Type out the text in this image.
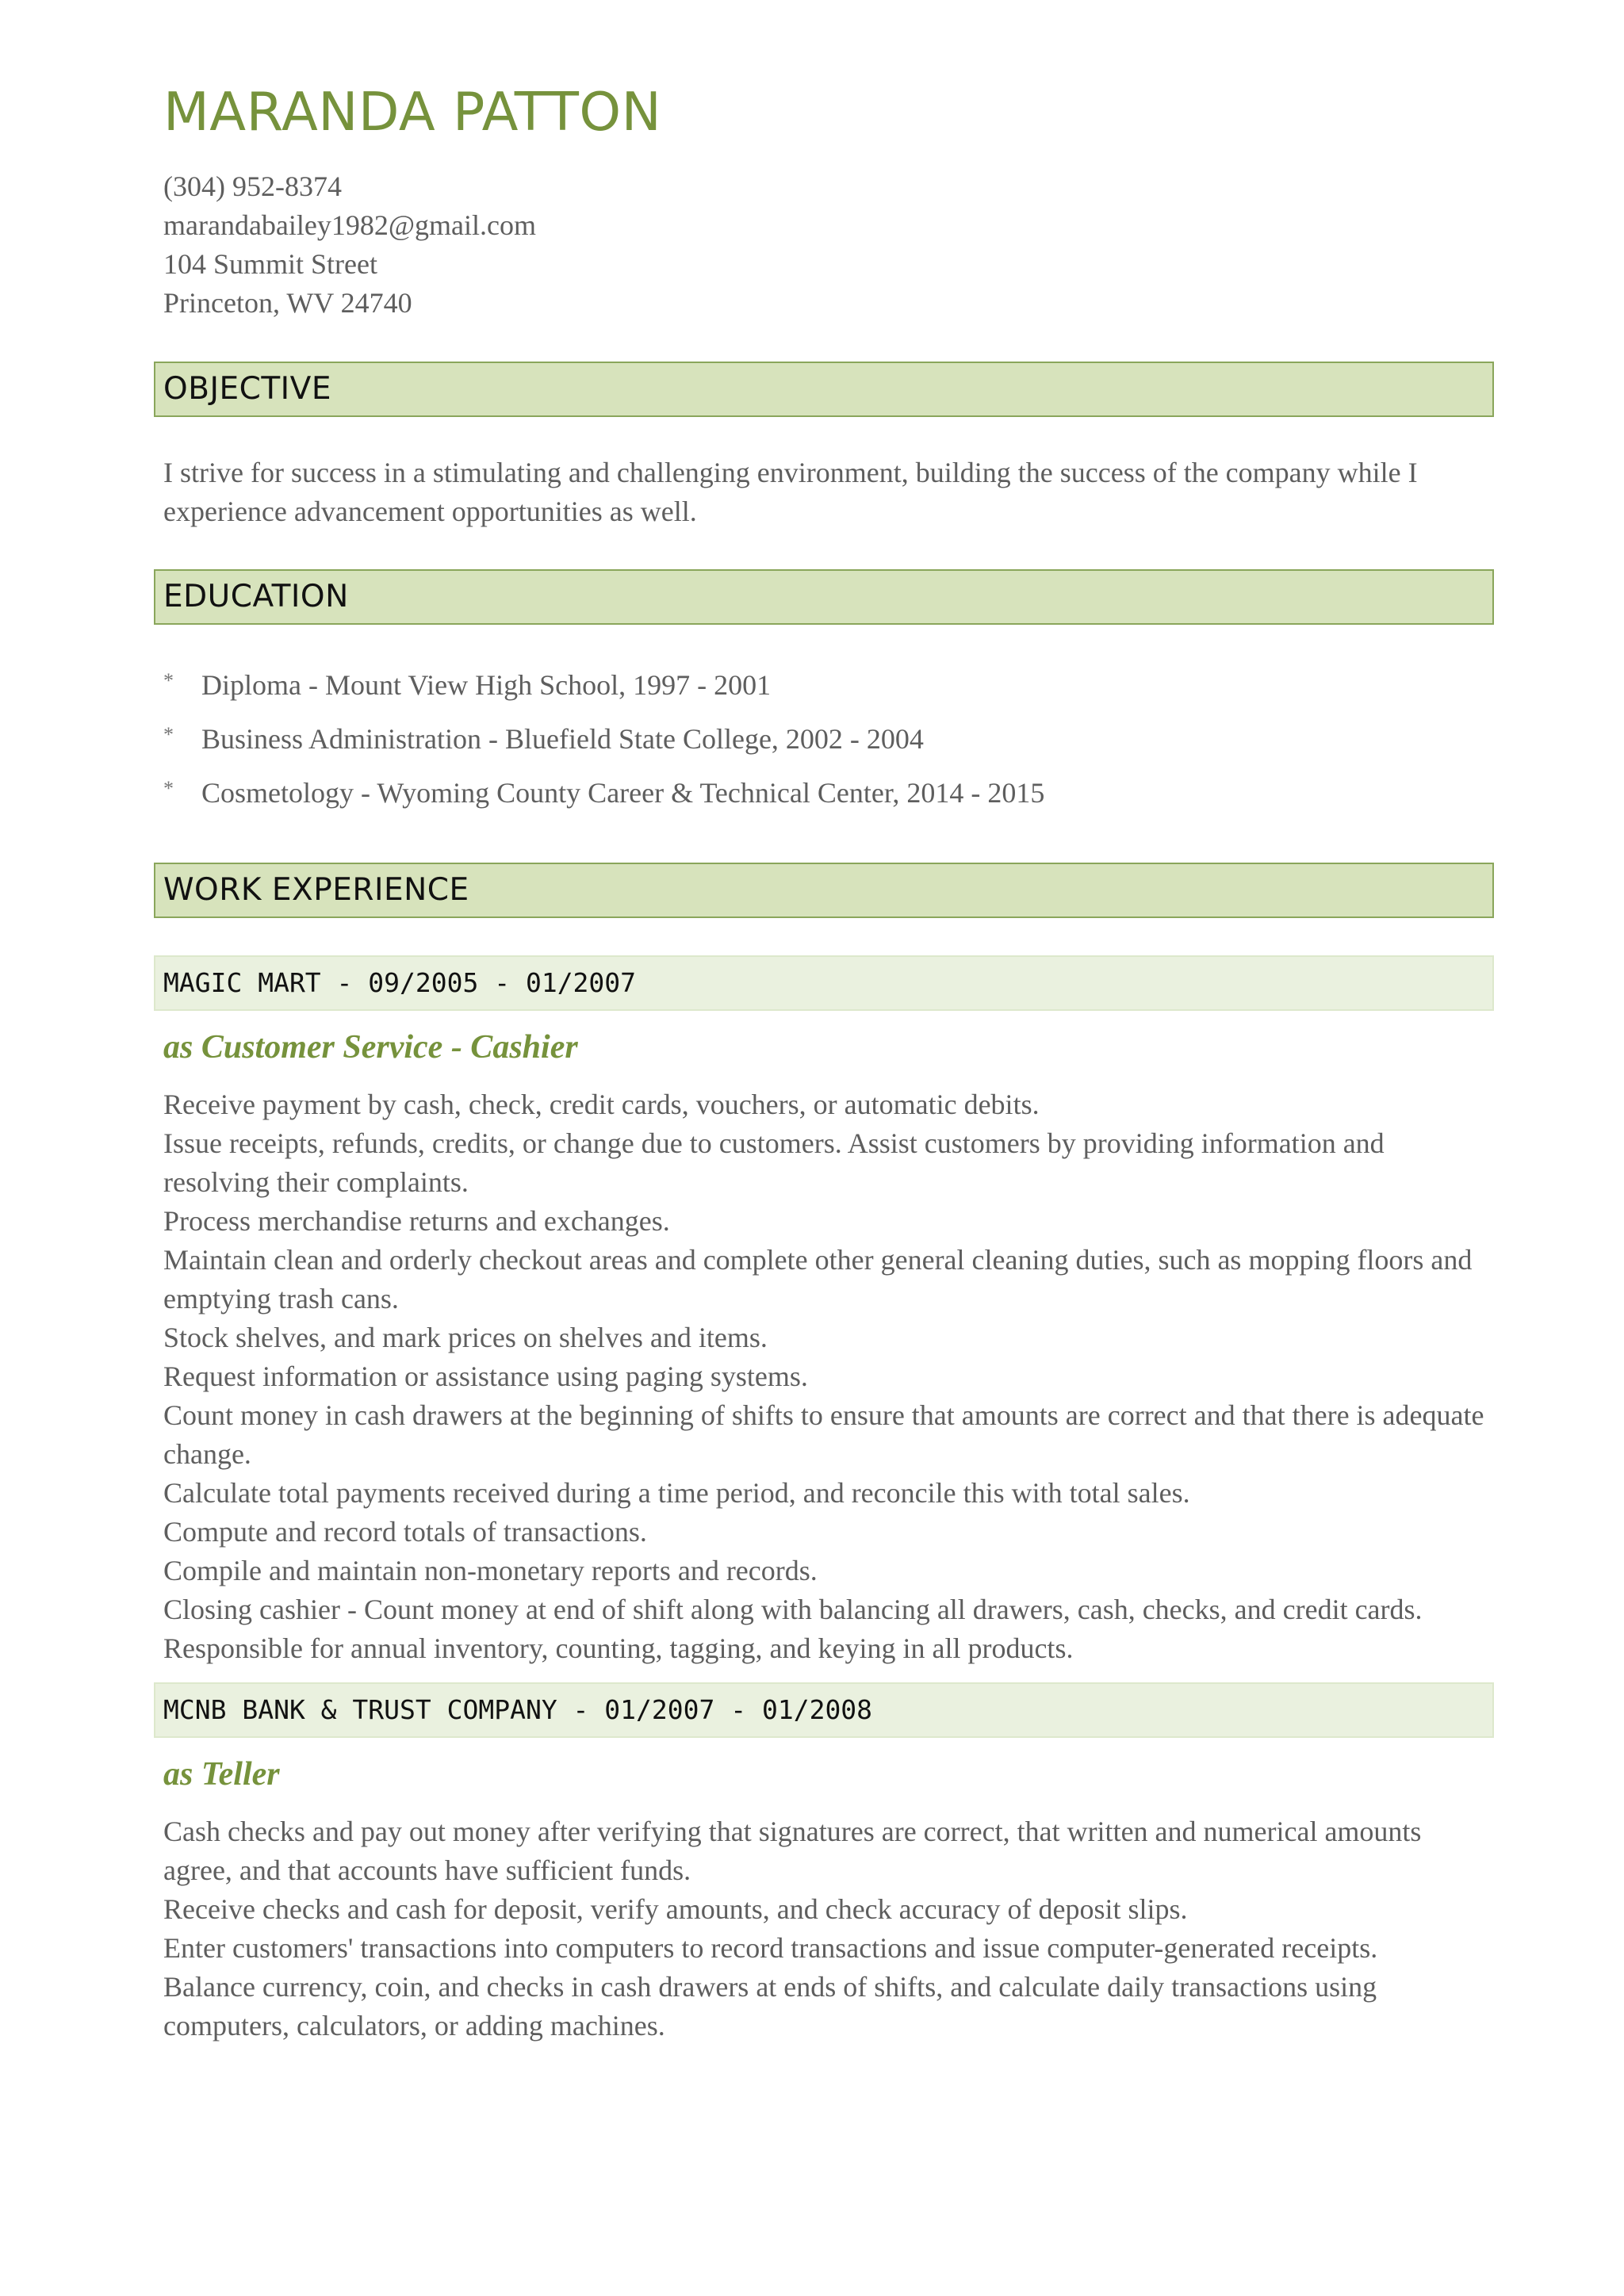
MARANDA PATTON
(304) 952-8374
marandabailey1982@gmail.com
104 Summit Street
Princeton, WV 24740
OBJECTIVE
I strive for success in a stimulating and challenging environment, building the success of the company while I experience advancement opportunities as well.
EDUCATION
* Diploma - Mount View High School, 1997 - 2001
* Business Administration - Bluefield State College, 2002 - 2004
* Cosmetology - Wyoming County Career & Technical Center, 2014 - 2015
WORK EXPERIENCE
MAGIC MART - 09/2005 - 01/2007
as Customer Service - Cashier
Receive payment by cash, check, credit cards, vouchers, or automatic debits.
Issue receipts, refunds, credits, or change due to customers. Assist customers by providing information and resolving their complaints.
Process merchandise returns and exchanges.
Maintain clean and orderly checkout areas and complete other general cleaning duties, such as mopping floors and emptying trash cans.
Stock shelves, and mark prices on shelves and items.
Request information or assistance using paging systems.
Count money in cash drawers at the beginning of shifts to ensure that amounts are correct and that there is adequate change.
Calculate total payments received during a time period, and reconcile this with total sales.
Compute and record totals of transactions.
Compile and maintain non-monetary reports and records.
Closing cashier - Count money at end of shift along with balancing all drawers, cash, checks, and credit cards. Responsible for annual inventory, counting, tagging, and keying in all products.
MCNB BANK & TRUST COMPANY - 01/2007 - 01/2008
as Teller
Cash checks and pay out money after verifying that signatures are correct, that written and numerical amounts agree, and that accounts have sufficient funds.
Receive checks and cash for deposit, verify amounts, and check accuracy of deposit slips.
Enter customers' transactions into computers to record transactions and issue computer-generated receipts.
Balance currency, coin, and checks in cash drawers at ends of shifts, and calculate daily transactions using computers, calculators, or adding machines.
